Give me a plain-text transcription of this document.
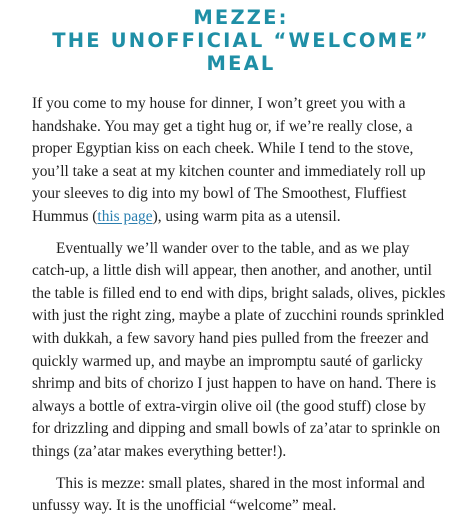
MEZZE:
THE UNOFFICIAL “WELCOME”
MEAL

If you come to my house for dinner, I won’t greet you with a handshake. You may get a tight hug or, if we’re really close, a proper Egyptian kiss on each cheek. While I tend to the stove, you’ll take a seat at my kitchen counter and immediately roll up your sleeves to dig into my bowl of The Smoothest, Fluffiest Hummus (this page), using warm pita as a utensil.

Eventually we’ll wander over to the table, and as we play catch-up, a little dish will appear, then another, and another, until the table is filled end to end with dips, bright salads, olives, pickles with just the right zing, maybe a plate of zucchini rounds sprinkled with dukkah, a few savory hand pies pulled from the freezer and quickly warmed up, and maybe an impromptu sauté of garlicky shrimp and bits of chorizo I just happen to have on hand. There is always a bottle of extra-virgin olive oil (the good stuff) close by for drizzling and dipping and small bowls of za’atar to sprinkle on things (za’atar makes everything better!).

This is mezze: small plates, shared in the most informal and unfussy way. It is the unofficial “welcome” meal.
